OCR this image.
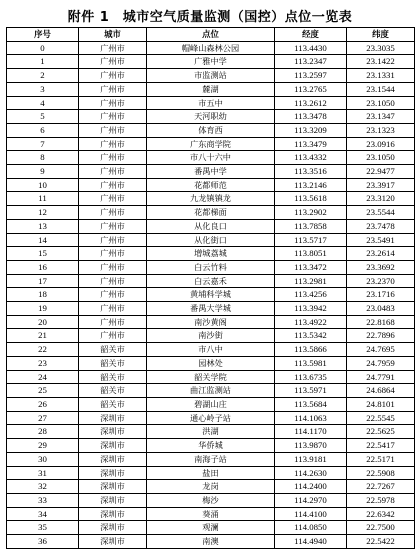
附件 1　城市空气质量监测（国控）点位一览表
序号	城市	点位	经度	纬度
0	广州市	帽峰山森林公园	113.4430	23.3035
1	广州市	广雅中学	113.2347	23.1422
2	广州市	市监测站	113.2597	23.1331
3	广州市	麓湖	113.2765	23.1544
4	广州市	市五中	113.2612	23.1050
5	广州市	天河职幼	113.3478	23.1347
6	广州市	体育西	113.3209	23.1323
7	广州市	广东商学院	113.3479	23.0916
8	广州市	市八十六中	113.4332	23.1050
9	广州市	番禺中学	113.3516	22.9477
10	广州市	花都师范	113.2146	23.3917
11	广州市	九龙镇镇龙	113.5618	23.3120
12	广州市	花都梯面	113.2902	23.5544
13	广州市	从化良口	113.7858	23.7478
14	广州市	从化街口	113.5717	23.5491
15	广州市	增城荔城	113.8051	23.2614
16	广州市	白云竹料	113.3472	23.3692
17	广州市	白云嘉禾	113.2981	23.2370
18	广州市	黄埔科学城	113.4256	23.1716
19	广州市	番禺大学城	113.3942	23.0483
20	广州市	南沙黄阁	113.4922	22.8168
21	广州市	南沙街	113.5342	22.7896
22	韶关市	市八中	113.5866	24.7695
23	韶关市	园林处	113.5981	24.7959
24	韶关市	韶关学院	113.6735	24.7791
25	韶关市	曲江监测站	113.5971	24.6864
26	韶关市	碧湖山庄	113.5684	24.8101
27	深圳市	通心岭子站	114.1063	22.5545
28	深圳市	洪湖	114.1170	22.5625
29	深圳市	华侨城	113.9870	22.5417
30	深圳市	南海子站	113.9181	22.5171
31	深圳市	盐田	114.2630	22.5908
32	深圳市	龙岗	114.2400	22.7267
33	深圳市	梅沙	114.2970	22.5978
34	深圳市	葵涌	114.4100	22.6342
35	深圳市	观澜	114.0850	22.7500
36	深圳市	南澳	114.4940	22.5422
